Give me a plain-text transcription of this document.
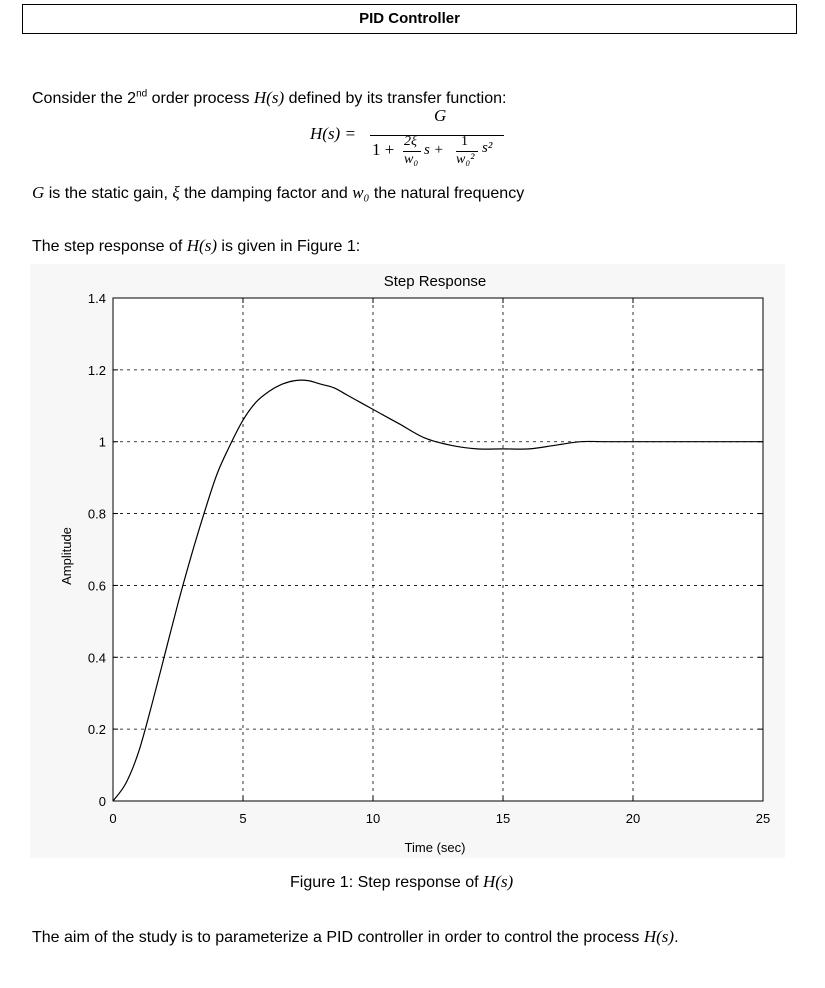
PID Controller
Consider the 2nd order process H(s) defined by its transfer function:
H(s) =
G
1 + 2ξ
w₀
s +
1
w₀²
s²
G is the static gain, ξ the damping factor and w₀ the natural frequency
The step response of H(s) is given in Figure 1:
0	5	10	15	20	25
0
0.2
0.4
0.6
0.8
1
1.2
1.4
Step Response
Time (sec)
Amplitude
Figure 1: Step response of H(s)
The aim of the study is to parameterize a PID controller in order to control the process H(s).
